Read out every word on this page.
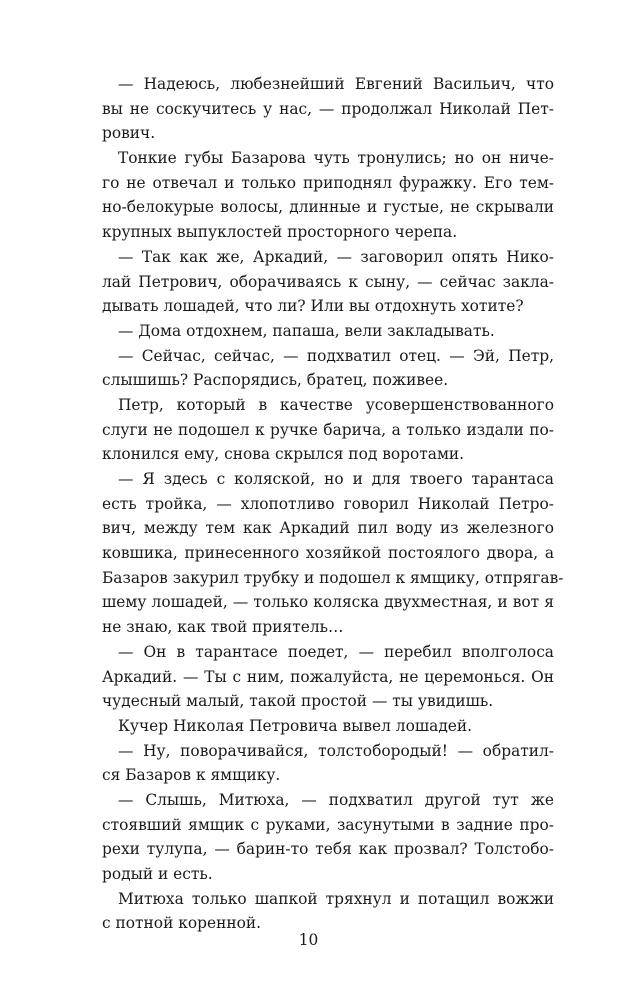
— Надеюсь, любезнейший Евгений Васильич, что
вы не соскучитесь у нас, — продолжал Николай Пет-
рович.
Тонкие губы Базарова чуть тронулись; но он ниче-
го не отвечал и только приподнял фуражку. Его тем-
но-белокурые волосы, длинные и густые, не скрывали
крупных выпуклостей просторного черепа.
— Так как же, Аркадий, — заговорил опять Нико-
лай Петрович, оборачиваясь к сыну, — сейчас закла-
дывать лошадей, что ли? Или вы отдохнуть хотите?
— Дома отдохнем, папаша, вели закладывать.
— Сейчас, сейчас, — подхватил отец. — Эй, Петр,
слышишь? Распорядись, братец, поживее.
Петр, который в качестве усовершенствованного
слуги не подошел к ручке барича, а только издали по-
клонился ему, снова скрылся под воротами.
— Я здесь с коляской, но и для твоего тарантаса
есть тройка, — хлопотливо говорил Николай Петро-
вич, между тем как Аркадий пил воду из железного
ковшика, принесенного хозяйкой постоялого двора, а
Базаров закурил трубку и подошел к ямщику, отпрягав-
шему лошадей, — только коляска двухместная, и вот я
не знаю, как твой приятель…
— Он в тарантасе поедет, — перебил вполголоса
Аркадий. — Ты с ним, пожалуйста, не церемонься. Он
чудесный малый, такой простой — ты увидишь.
Кучер Николая Петровича вывел лошадей.
— Ну, поворачивайся, толстобородый! — обратил-
ся Базаров к ямщику.
— Слышь, Митюха, — подхватил другой тут же
стоявший ямщик с руками, засунутыми в задние про-
рехи тулупа, — барин-то тебя как прозвал? Толстобо-
родый и есть.
Митюха только шапкой тряхнул и потащил вожжи
с потной коренной.
10
